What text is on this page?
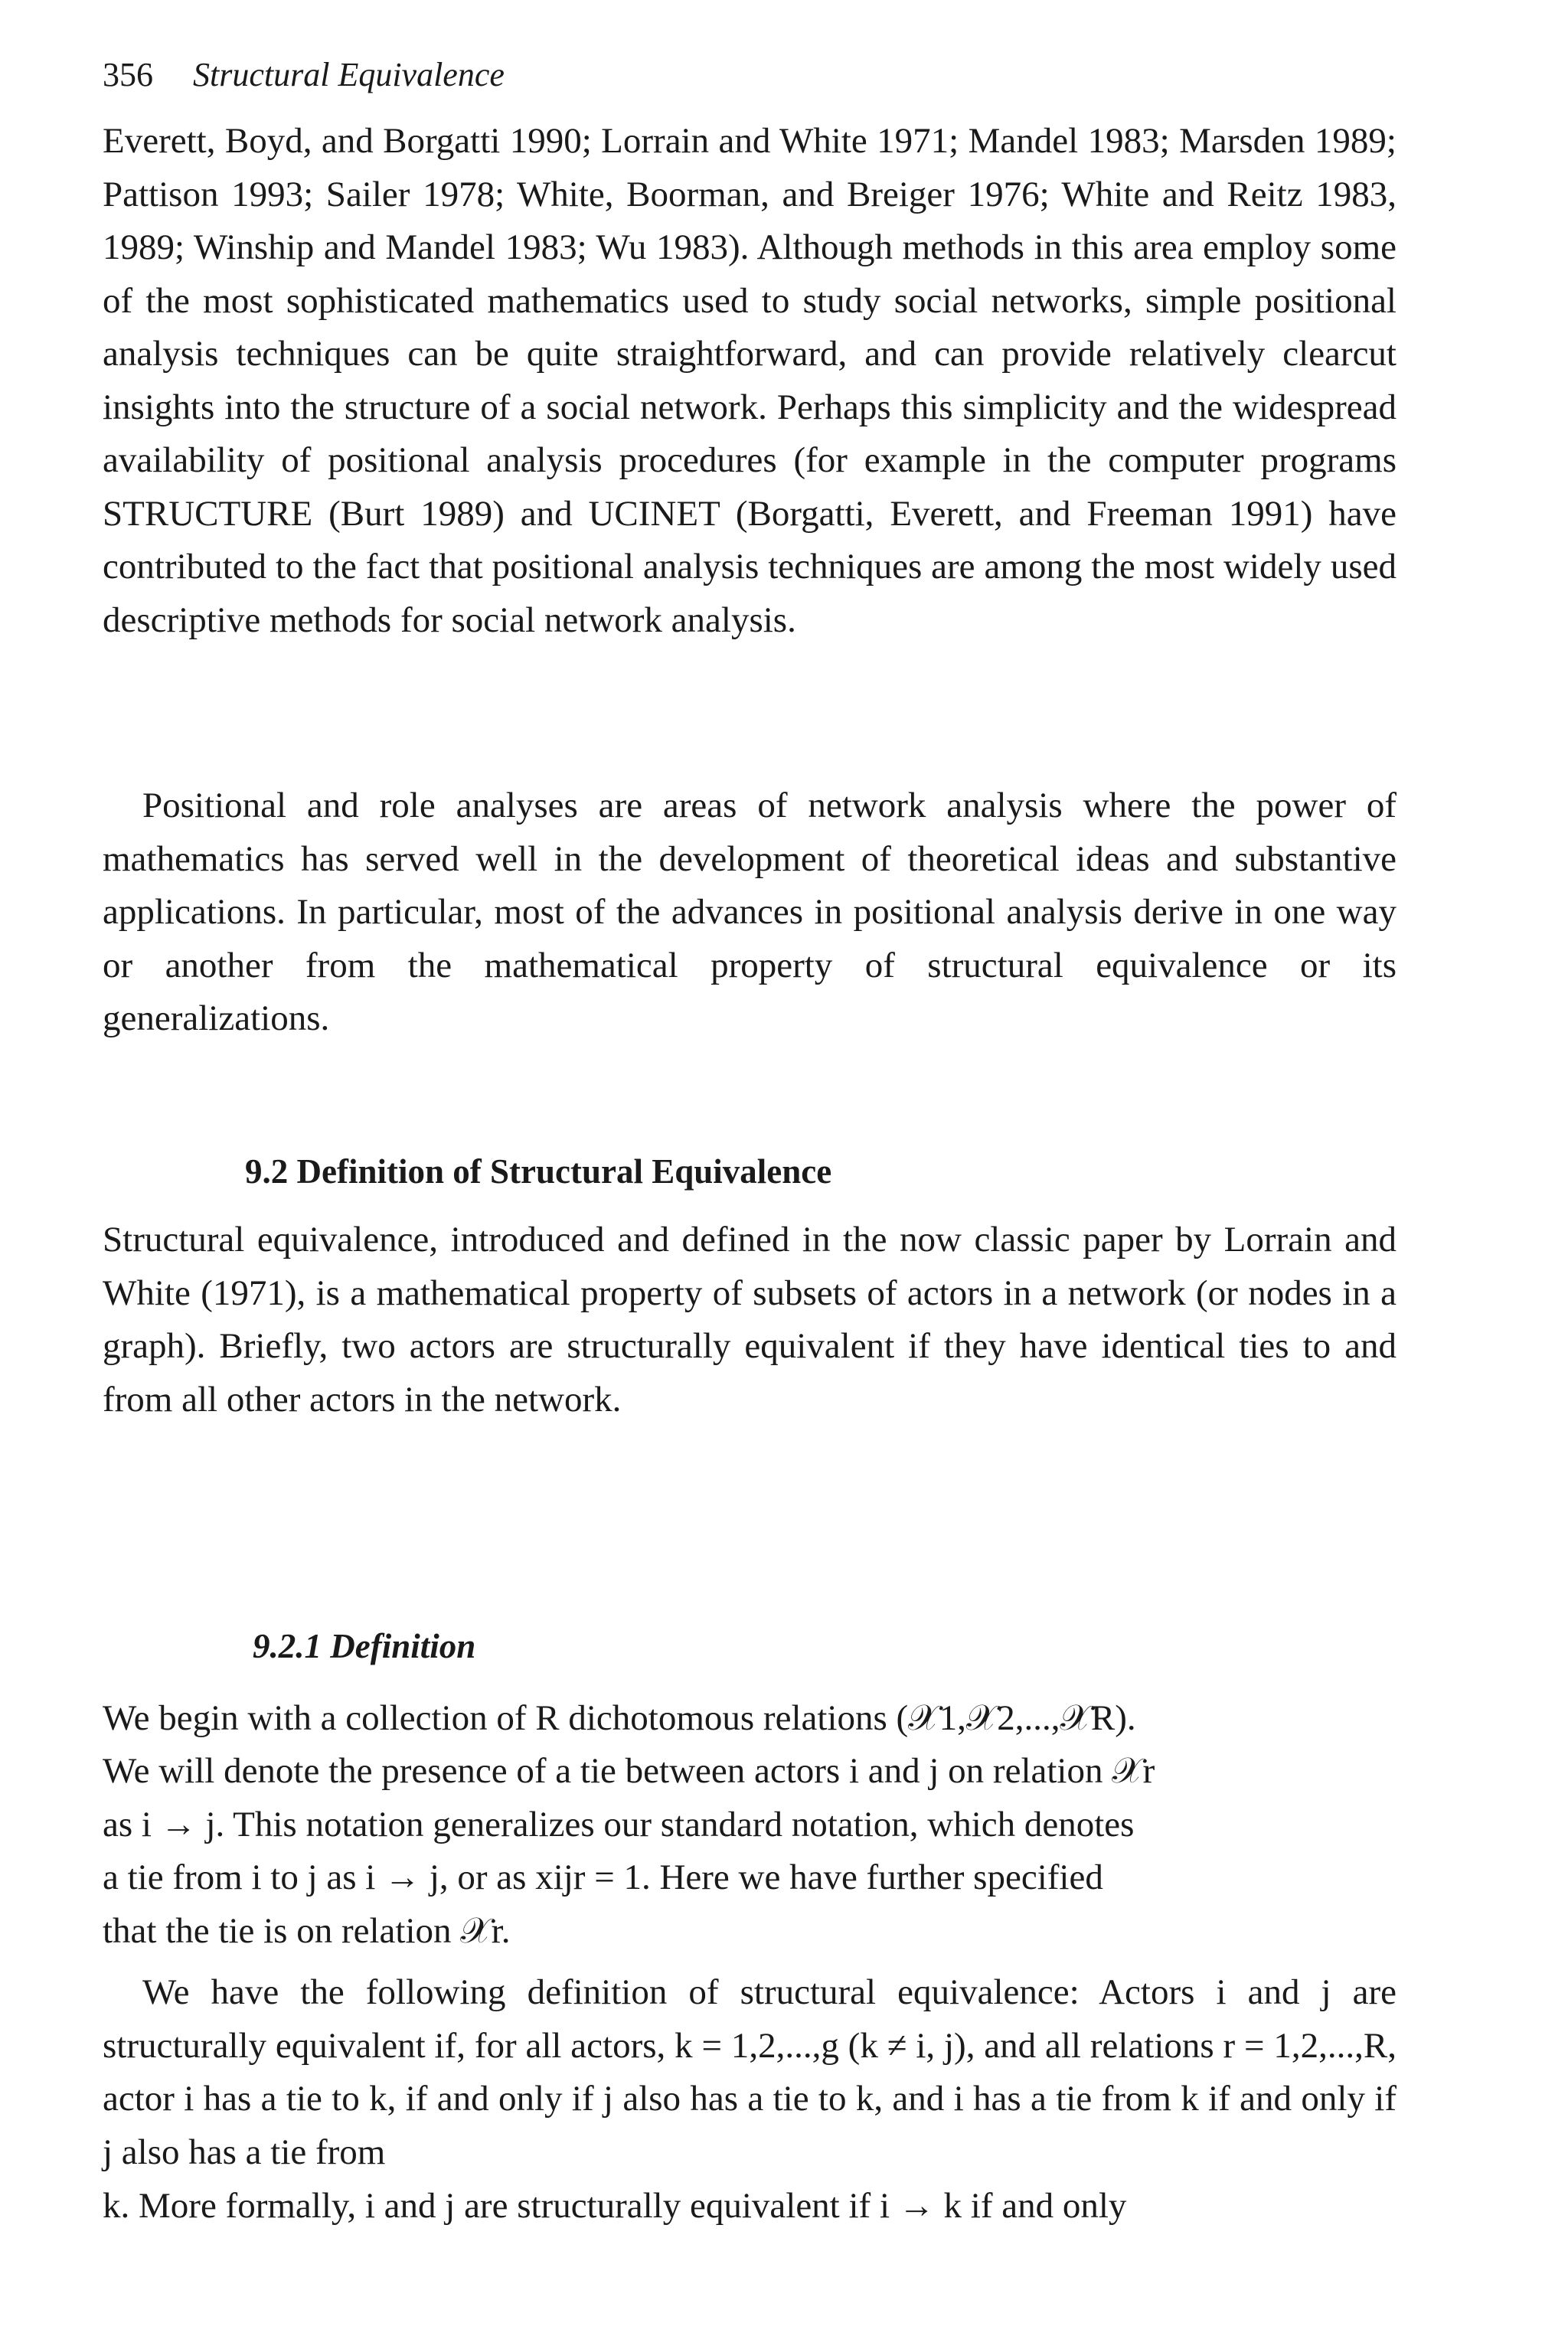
356 Structural Equivalence

Everett, Boyd, and Borgatti 1990; Lorrain and White 1971; Mandel 1983; Marsden 1989; Pattison 1993; Sailer 1978; White, Boorman, and Breiger 1976; White and Reitz 1983, 1989; Winship and Mandel 1983; Wu 1983). Although methods in this area employ some of the most sophisticated mathematics used to study social networks, simple positional analysis techniques can be quite straightforward, and can provide relatively clearcut insights into the structure of a social network. Perhaps this simplicity and the widespread availability of positional analysis procedures (for example in the computer programs STRUCTURE (Burt 1989) and UCINET (Borgatti, Everett, and Freeman 1991) have contributed to the fact that positional analysis techniques are among the most widely used descriptive methods for social network analysis.

Positional and role analyses are areas of network analysis where the power of mathematics has served well in the development of theoretical ideas and substantive applications. In particular, most of the advances in positional analysis derive in one way or another from the mathematical property of structural equivalence or its generalizations.

9.2 Definition of Structural Equivalence

Structural equivalence, introduced and defined in the now classic paper by Lorrain and White (1971), is a mathematical property of subsets of actors in a network (or nodes in a graph). Briefly, two actors are structurally equivalent if they have identical ties to and from all other actors in the network.

9.2.1 Definition

We begin with a collection of R dichotomous relations (𝒳1,𝒳2,...,𝒳R).

We will denote the presence of a tie between actors i and j on relation 𝒳r

as i → j. This notation generalizes our standard notation, which denotes

a tie from i to j as i → j, or as xijr = 1. Here we have further specified

that the tie is on relation 𝒳r.

We have the following definition of structural equivalence: Actors i and j are structurally equivalent if, for all actors, k = 1,2,...,g (k ≠ i, j), and all relations r = 1,2,...,R, actor i has a tie to k, if and only if j also has a tie to k, and i has a tie from k if and only if j also has a tie from

k. More formally, i and j are structurally equivalent if i → k if and only
